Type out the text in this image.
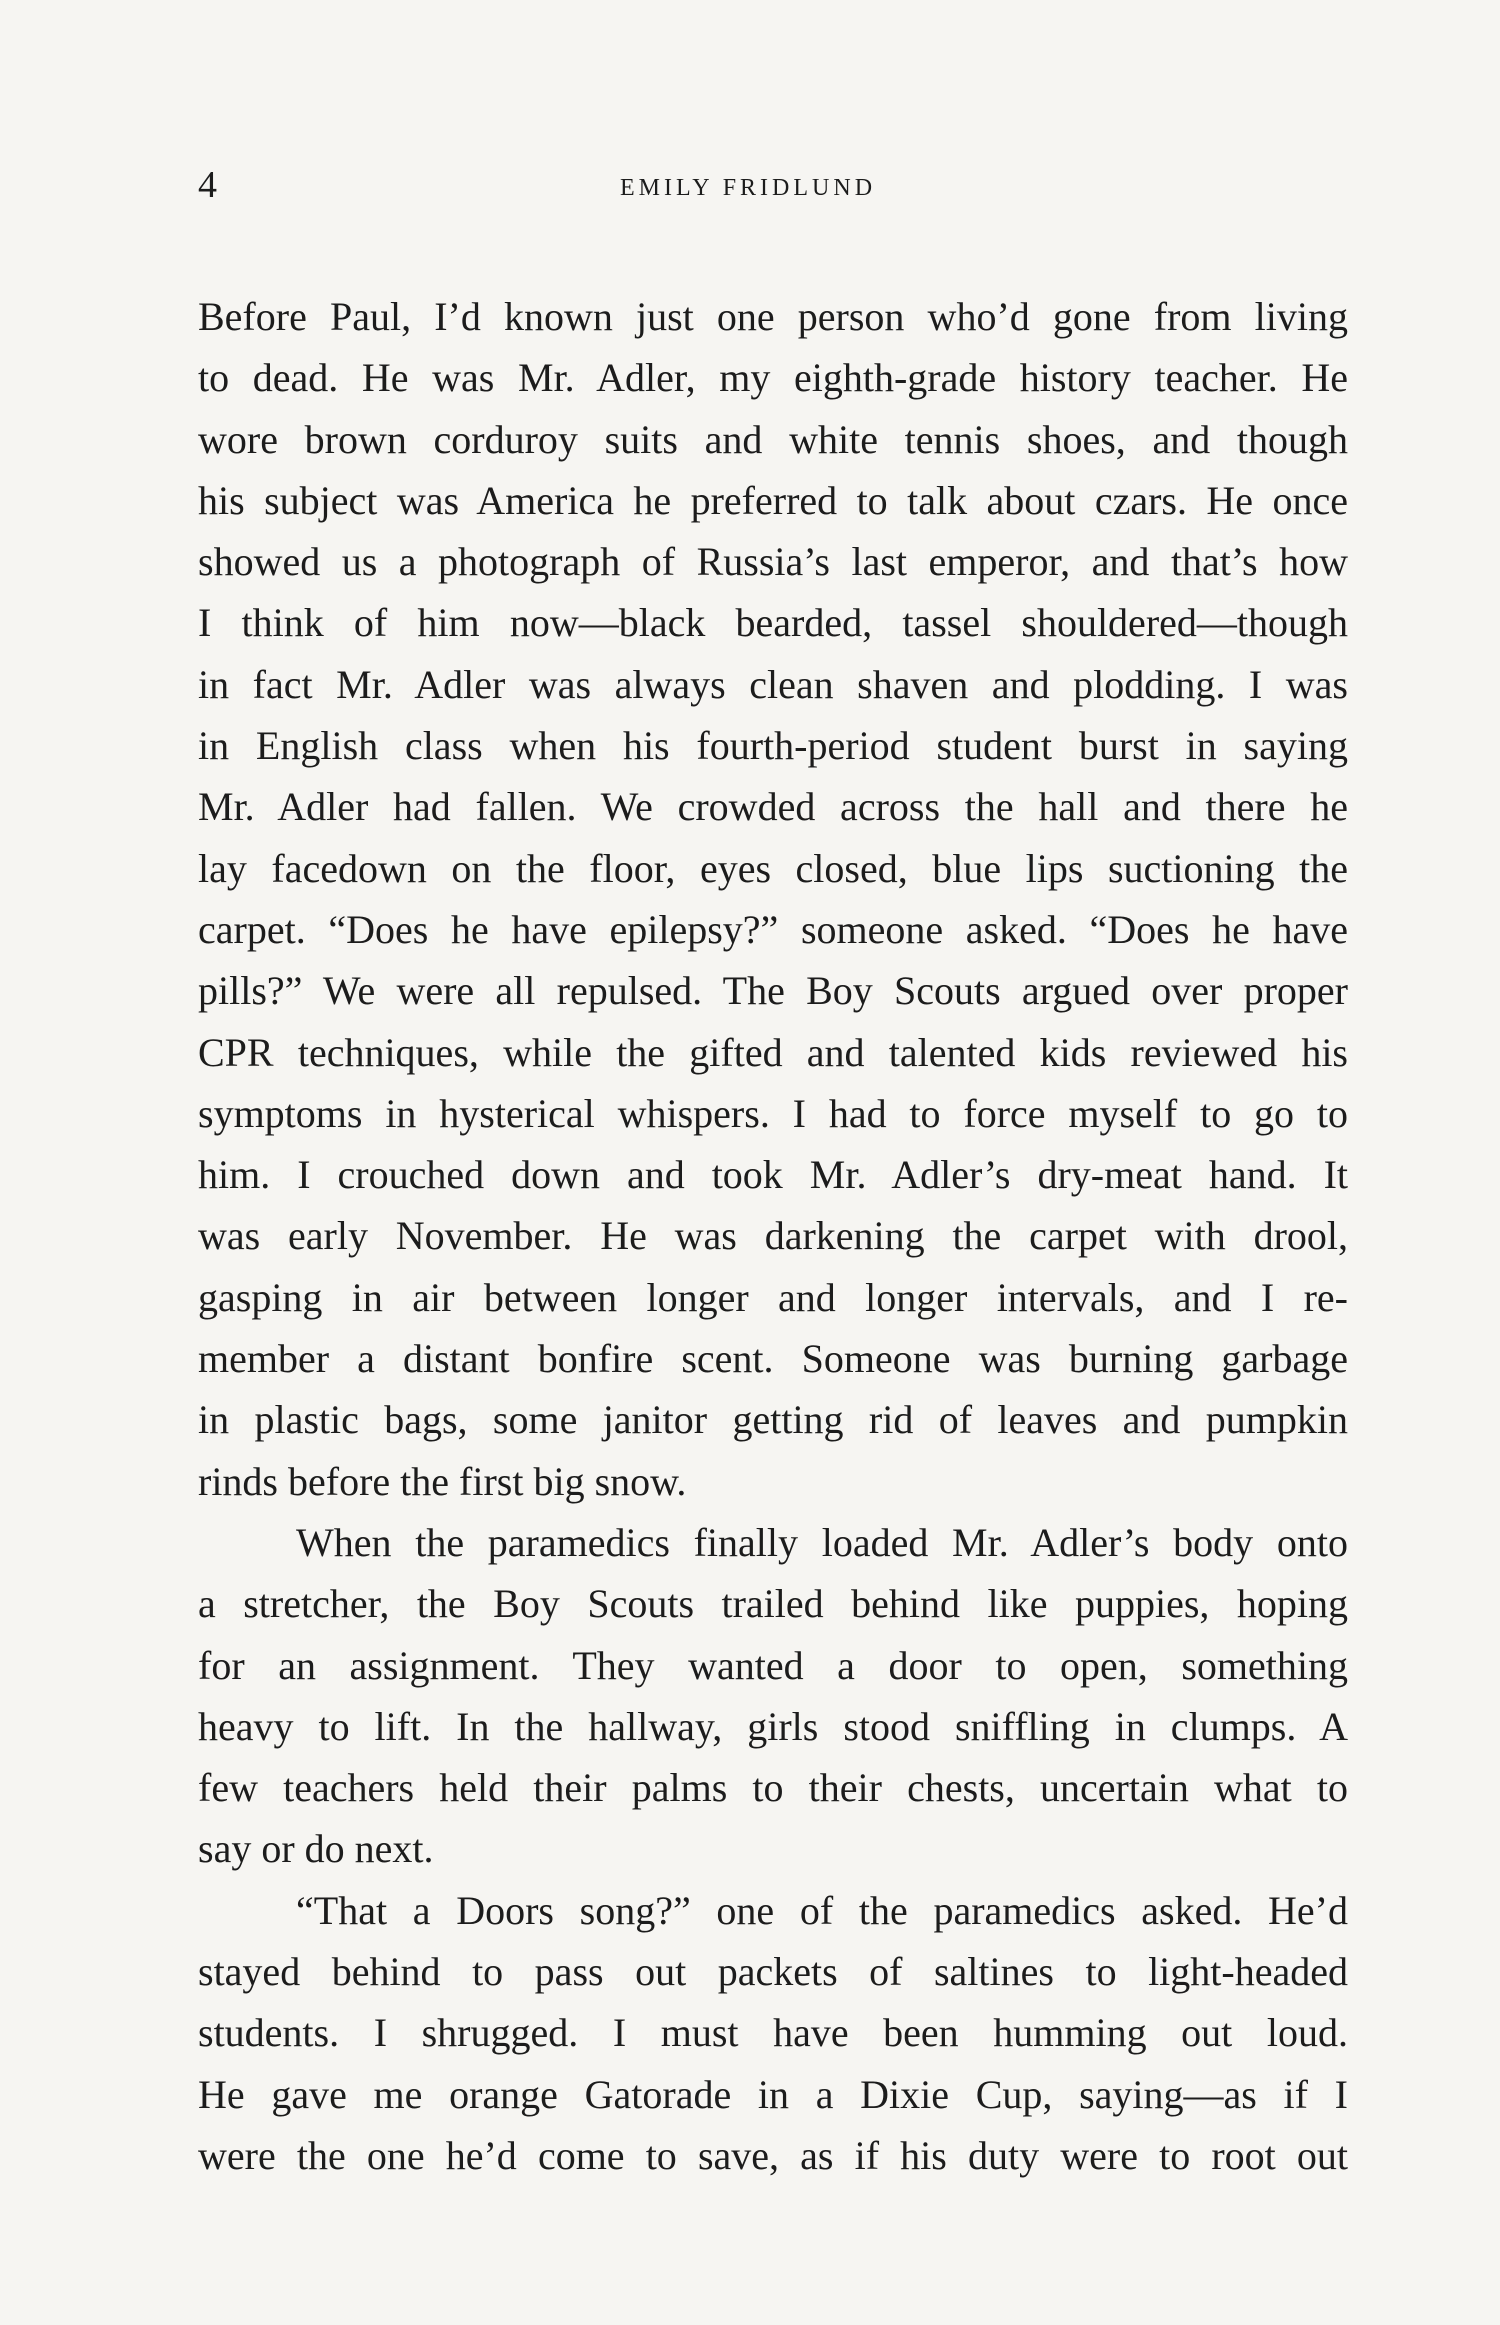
4	EMILY FRIDLUND
Before Paul, I’d known just one person who’d gone from living
to dead. He was Mr. Adler, my eighth-grade history teacher. He
wore brown corduroy suits and white tennis shoes, and though
his subject was America he preferred to talk about czars. He once
showed us a photograph of Russia’s last emperor, and that’s how
I think of him now—black bearded, tassel shouldered—though
in fact Mr. Adler was always clean shaven and plodding. I was
in English class when his fourth-period student burst in saying
Mr. Adler had fallen. We crowded across the hall and there he
lay facedown on the floor, eyes closed, blue lips suctioning the
carpet. “Does he have epilepsy?” someone asked. “Does he have
pills?” We were all repulsed. The Boy Scouts argued over proper
CPR techniques, while the gifted and talented kids reviewed his
symptoms in hysterical whispers. I had to force myself to go to
him. I crouched down and took Mr. Adler’s dry-meat hand. It
was early November. He was darkening the carpet with drool,
gasping in air between longer and longer intervals, and I re-
member a distant bonfire scent. Someone was burning garbage
in plastic bags, some janitor getting rid of leaves and pumpkin
rinds before the first big snow.
When the paramedics finally loaded Mr. Adler’s body onto
a stretcher, the Boy Scouts trailed behind like puppies, hoping
for an assignment. They wanted a door to open, something
heavy to lift. In the hallway, girls stood sniffling in clumps. A
few teachers held their palms to their chests, uncertain what to
say or do next.
“That a Doors song?” one of the paramedics asked. He’d
stayed behind to pass out packets of saltines to light-headed
students. I shrugged. I must have been humming out loud.
He gave me orange Gatorade in a Dixie Cup, saying—as if I
were the one he’d come to save, as if his duty were to root out
